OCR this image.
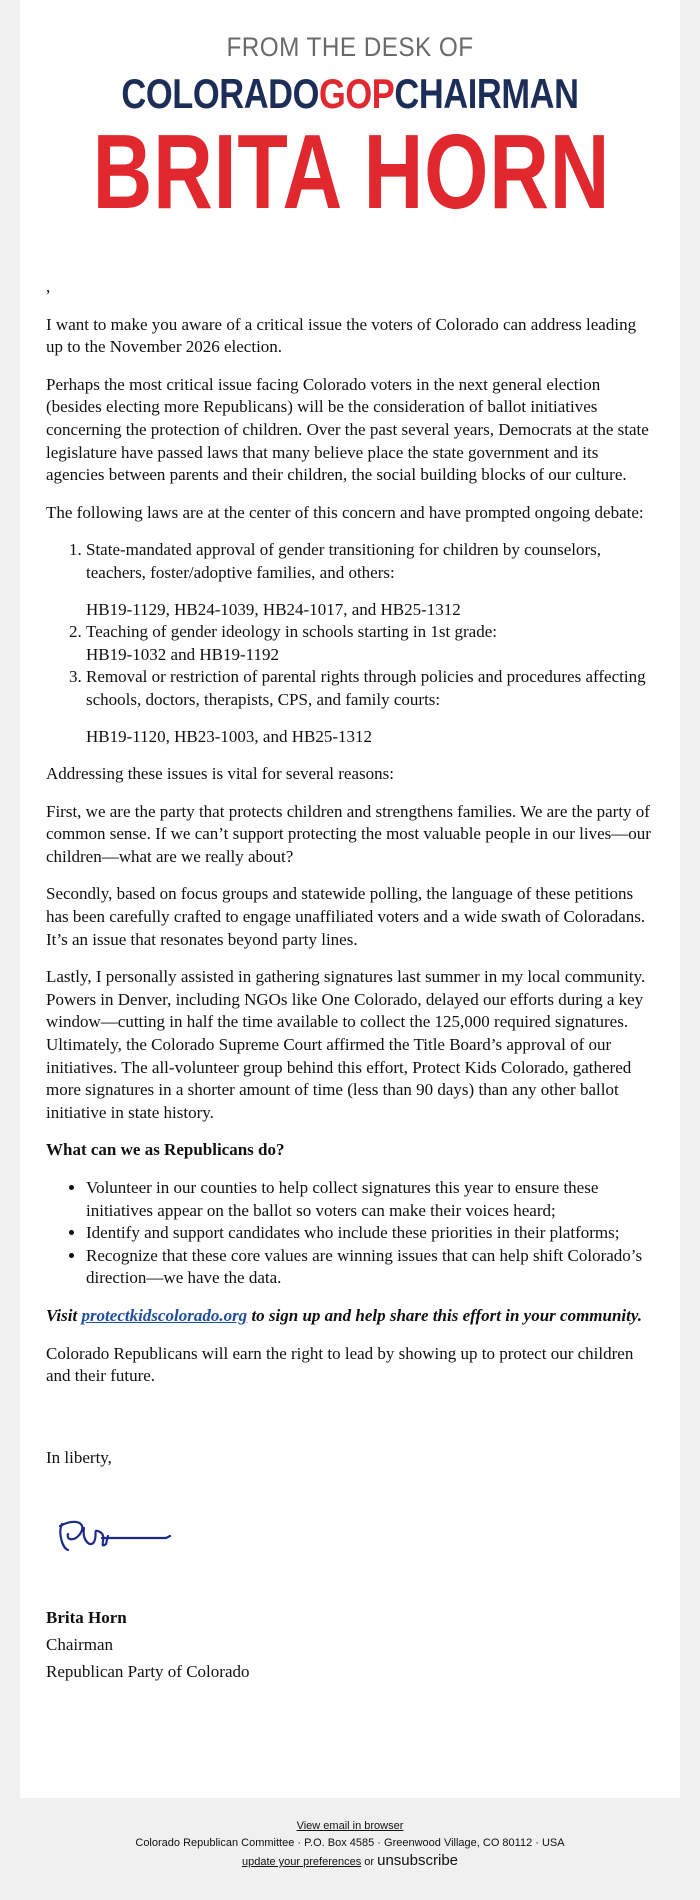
FROM THE DESK OF
COLORADOGOPCHAIRMAN
BRITA HORN

,

I want to make you aware of a critical issue the voters of Colorado can address leading up to the November 2026 election.

Perhaps the most critical issue facing Colorado voters in the next general election (besides electing more Republicans) will be the consideration of ballot initiatives concerning the protection of children. Over the past several years, Democrats at the state legislature have passed laws that many believe place the state government and its agencies between parents and their children, the social building blocks of our culture.

The following laws are at the center of this concern and have prompted ongoing debate:

1. State-mandated approval of gender transitioning for children by counselors, teachers, foster/adoptive families, and others:
HB19-1129, HB24-1039, HB24-1017, and HB25-1312
2. Teaching of gender ideology in schools starting in 1st grade:
HB19-1032 and HB19-1192
3. Removal or restriction of parental rights through policies and procedures affecting schools, doctors, therapists, CPS, and family courts:
HB19-1120, HB23-1003, and HB25-1312

Addressing these issues is vital for several reasons:

First, we are the party that protects children and strengthens families. We are the party of common sense. If we can’t support protecting the most valuable people in our lives—our children—what are we really about?

Secondly, based on focus groups and statewide polling, the language of these petitions has been carefully crafted to engage unaffiliated voters and a wide swath of Coloradans. It’s an issue that resonates beyond party lines.

Lastly, I personally assisted in gathering signatures last summer in my local community. Powers in Denver, including NGOs like One Colorado, delayed our efforts during a key window—cutting in half the time available to collect the 125,000 required signatures. Ultimately, the Colorado Supreme Court affirmed the Title Board’s approval of our initiatives. The all-volunteer group behind this effort, Protect Kids Colorado, gathered more signatures in a shorter amount of time (less than 90 days) than any other ballot initiative in state history.

What can we as Republicans do?

• Volunteer in our counties to help collect signatures this year to ensure these initiatives appear on the ballot so voters can make their voices heard;
• Identify and support candidates who include these priorities in their platforms;
• Recognize that these core values are winning issues that can help shift Colorado’s direction—we have the data.

Visit protectkidscolorado.org to sign up and help share this effort in your community.

Colorado Republicans will earn the right to lead by showing up to protect our children and their future.

In liberty,

Brita Horn

Chairman

Republican Party of Colorado

View email in browser
Colorado Republican Committee · P.O. Box 4585 · Greenwood Village, CO 80112 · USA
update your preferences or unsubscribe
